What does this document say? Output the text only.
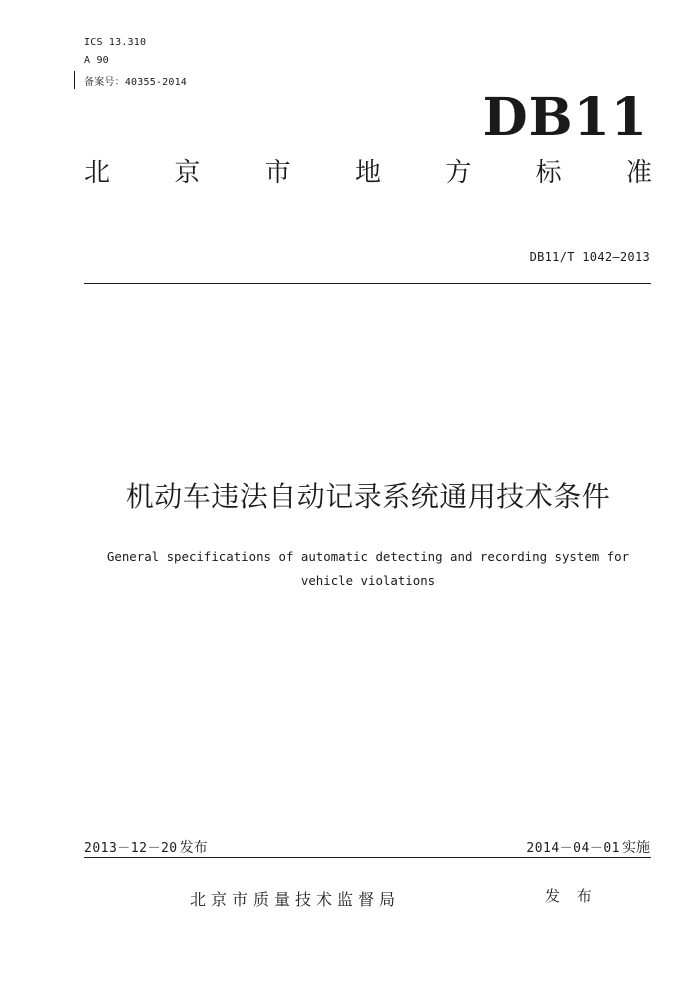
ICS 13.310
A 90
备案号：40355-2014
DB11
北 京 市 地 方 标 准
DB11/T 1042—2013
机动车违法自动记录系统通用技术条件
General specifications of automatic detecting and recording system for
vehicle violations
2013－12－20 发布	2014－04－01 实施
北京市质量技术监督局	发 布
